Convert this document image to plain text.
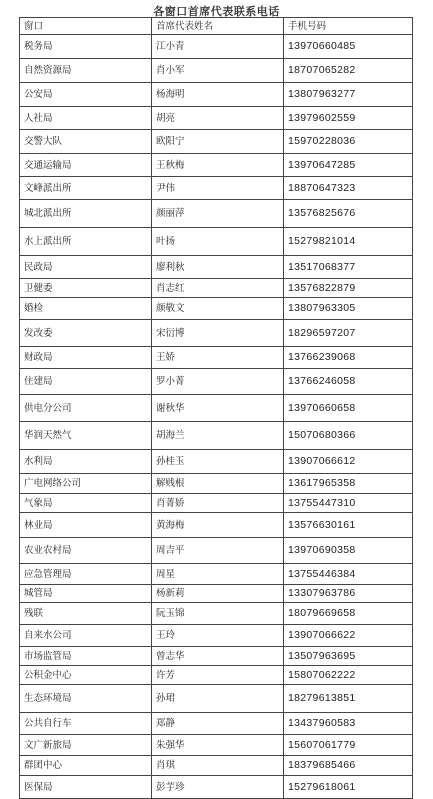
各窗口首席代表联系电话
窗口	首席代表姓名	手机号码
税务局	江小青	13970660485
自然资源局	肖小军	18707065282
公安局	杨海明	13807963277
人社局	胡亮	13979602559
交警大队	欧阳宁	15970228036
交通运输局	王秋梅	13970647285
文峰派出所	尹伟	18870647323
城北派出所	颜丽萍	13576825676
水上派出所	叶扬	15279821014
民政局	廖利秋	13517068377
卫健委	肖志红	13576822879
婚检	颜敬文	13807963305
发改委	宋衍博	18296597207
财政局	王娇	13766239068
住建局	罗小菁	13766246058
供电分公司	谢秋华	13970660658
华润天然气	胡海兰	15070680366
水利局	孙桂玉	13907066612
广电网络公司	解贱根	13617965358
气象局	肖菁娇	13755447310
林业局	黄海梅	13576630161
农业农村局	周吉平	13970690358
应急管理局	周星	13755446384
城管局	杨新莉	13307963786
残联	阮玉锦	18079669658
自来水公司	王玲	13907066622
市场监管局	曾志华	13507963695
公积金中心	许芳	15807062222
生态环境局	孙珺	18279613851
公共自行车	郑静	13437960583
文广新旅局	朱强华	15607061779
群团中心	肖琪	18379685466
医保局	彭芋珍	15279618061
